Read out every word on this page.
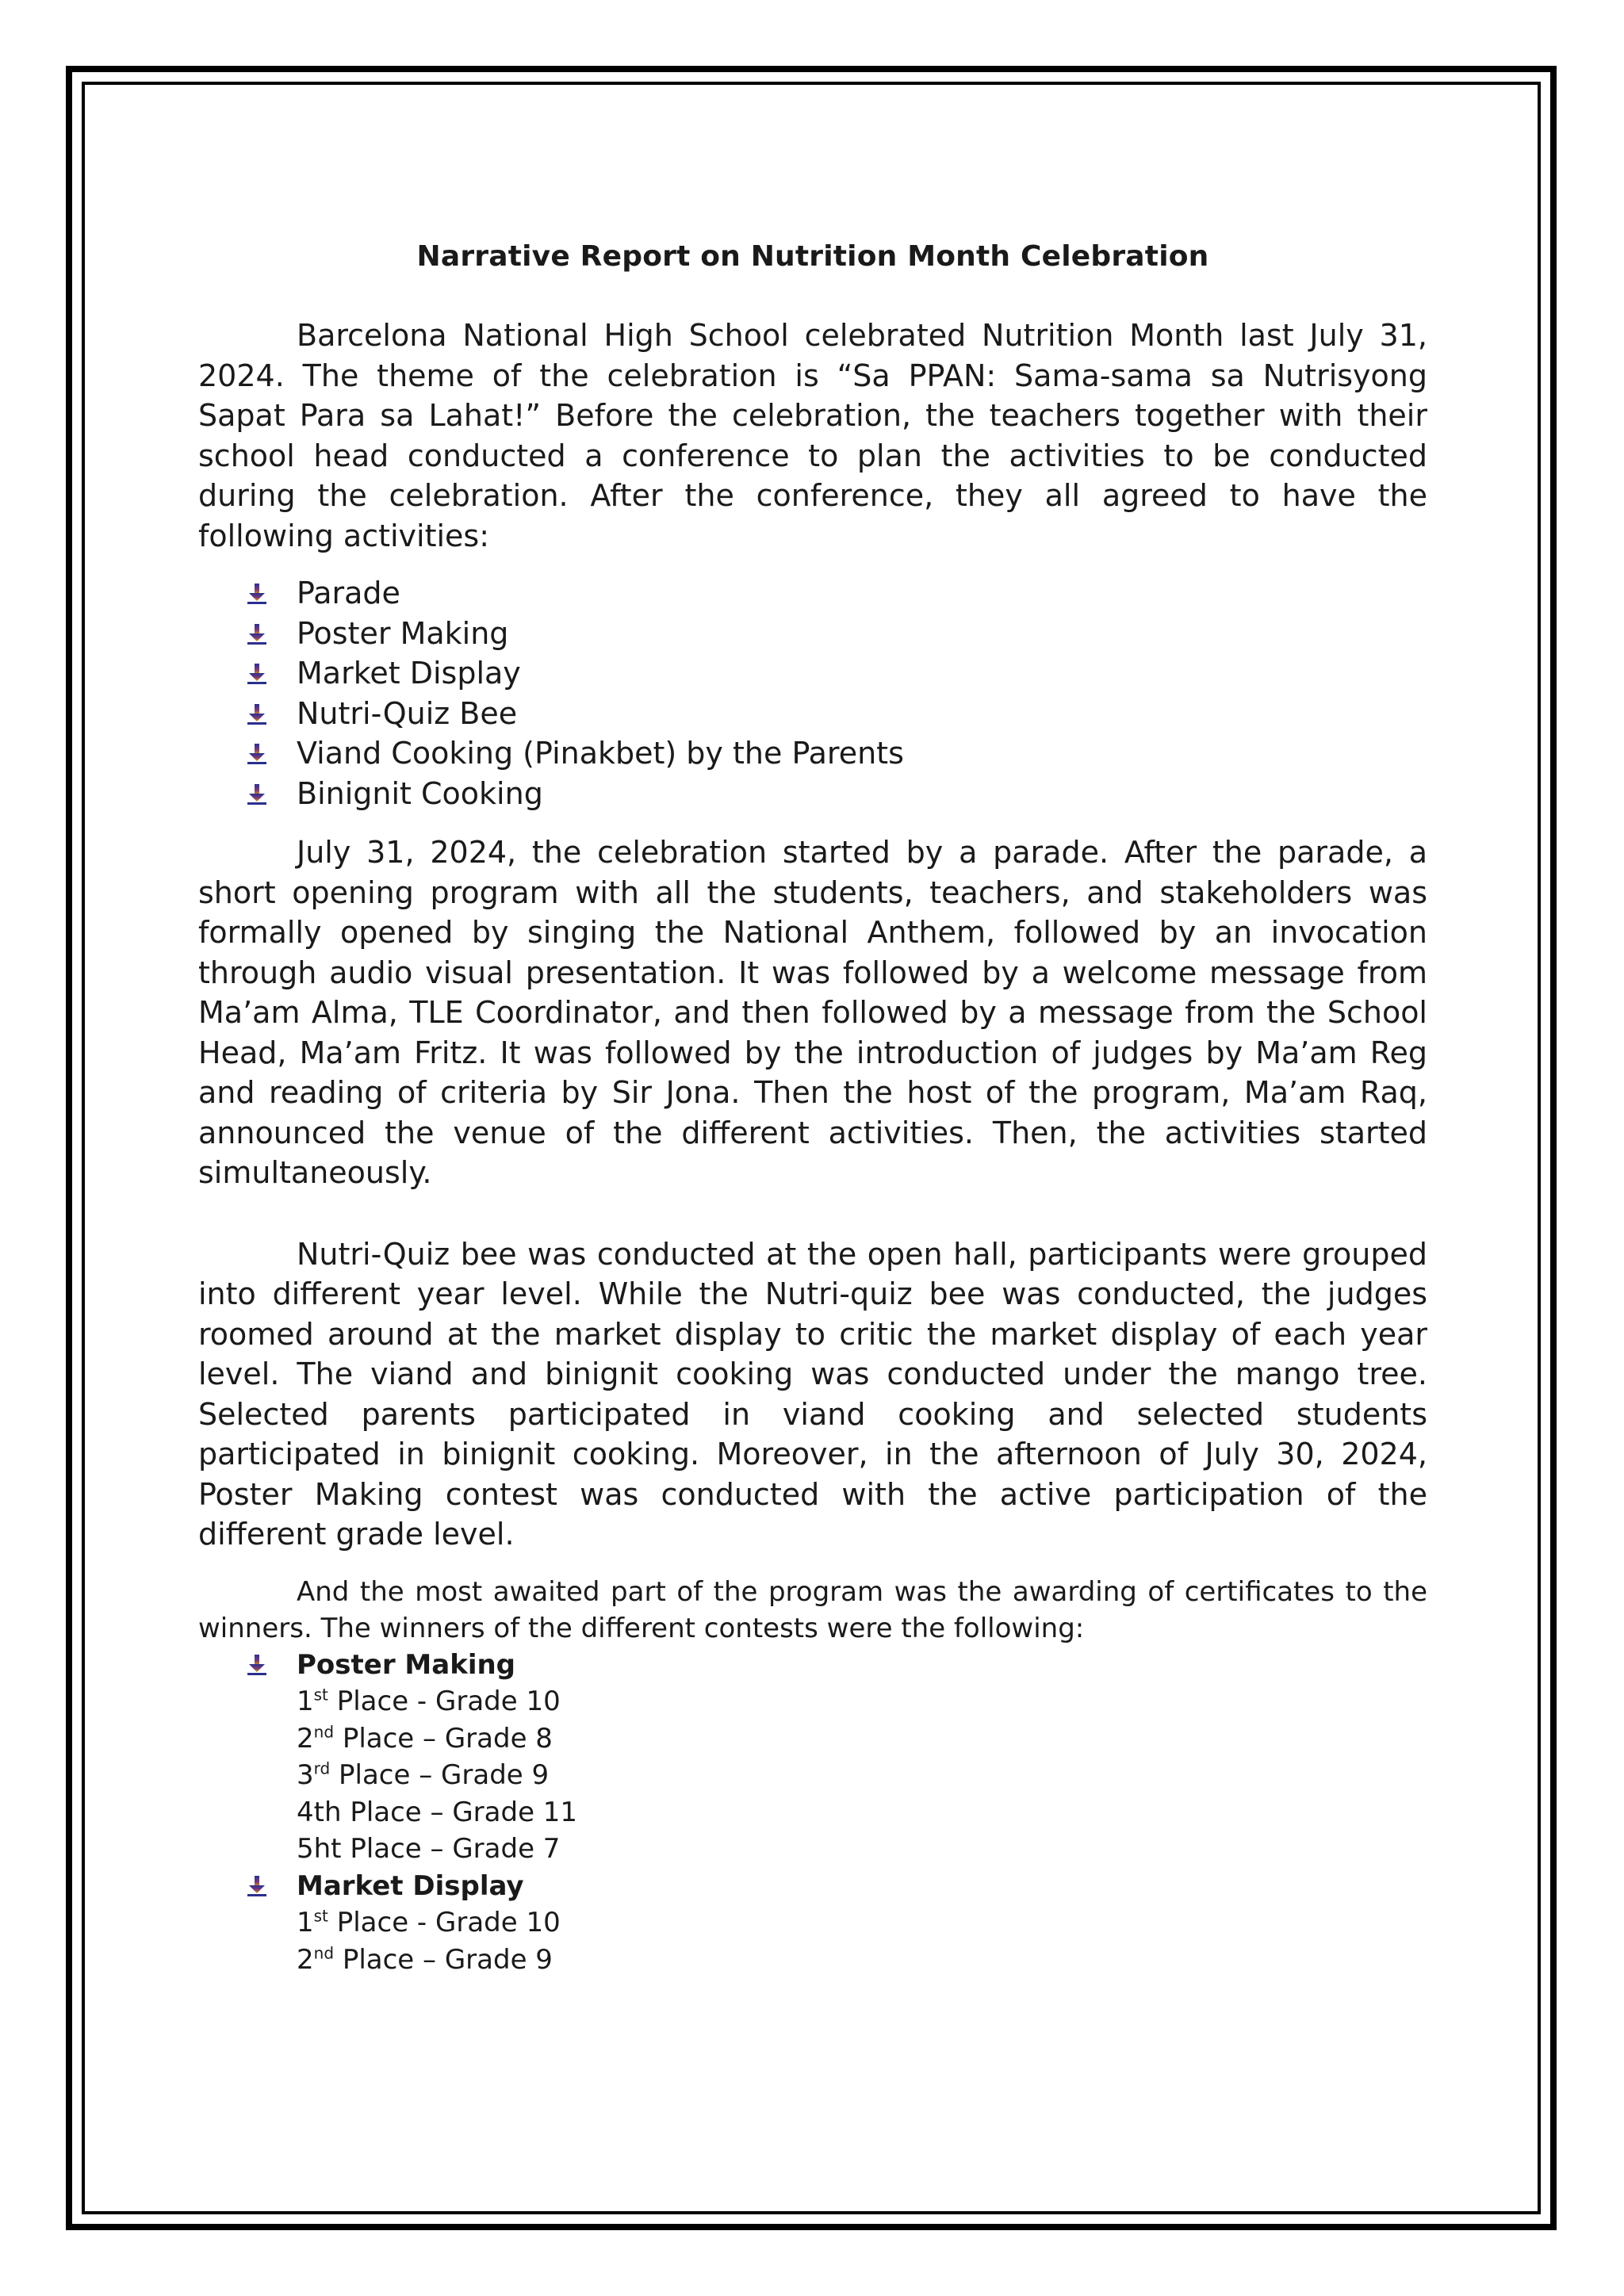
Narrative Report on Nutrition Month Celebration

Barcelona National High School celebrated Nutrition Month last July 31, 2024. The theme of the celebration is “Sa PPAN: Sama-sama sa Nutrisyong Sapat Para sa Lahat!” Before the celebration, the teachers together with their school head conducted a conference to plan the activities to be conducted during the celebration. After the conference, they all agreed to have the following activities:

Parade
Poster Making
Market Display
Nutri-Quiz Bee
Viand Cooking (Pinakbet) by the Parents
Binignit Cooking

July 31, 2024, the celebration started by a parade. After the parade, a short opening program with all the students, teachers, and stakeholders was formally opened by singing the National Anthem, followed by an invocation through audio visual presentation. It was followed by a welcome message from Ma’am Alma, TLE Coordinator, and then followed by a message from the School Head, Ma’am Fritz. It was followed by the introduction of judges by Ma’am Reg and reading of criteria by Sir Jona. Then the host of the program, Ma’am Raq, announced the venue of the different activities. Then, the activities started simultaneously.

Nutri-Quiz bee was conducted at the open hall, participants were grouped into different year level. While the Nutri-quiz bee was conducted, the judges roomed around at the market display to critic the market display of each year level. The viand and binignit cooking was conducted under the mango tree. Selected parents participated in viand cooking and selected students participated in binignit cooking. Moreover, in the afternoon of July 30, 2024, Poster Making contest was conducted with the active participation of the different grade level.

And the most awaited part of the program was the awarding of certificates to the winners. The winners of the different contests were the following:

Poster Making
1st Place - Grade 10
2nd Place – Grade 8
3rd Place – Grade 9
4th Place – Grade 11
5ht Place – Grade 7
Market Display
1st Place - Grade 10
2nd Place – Grade 9
